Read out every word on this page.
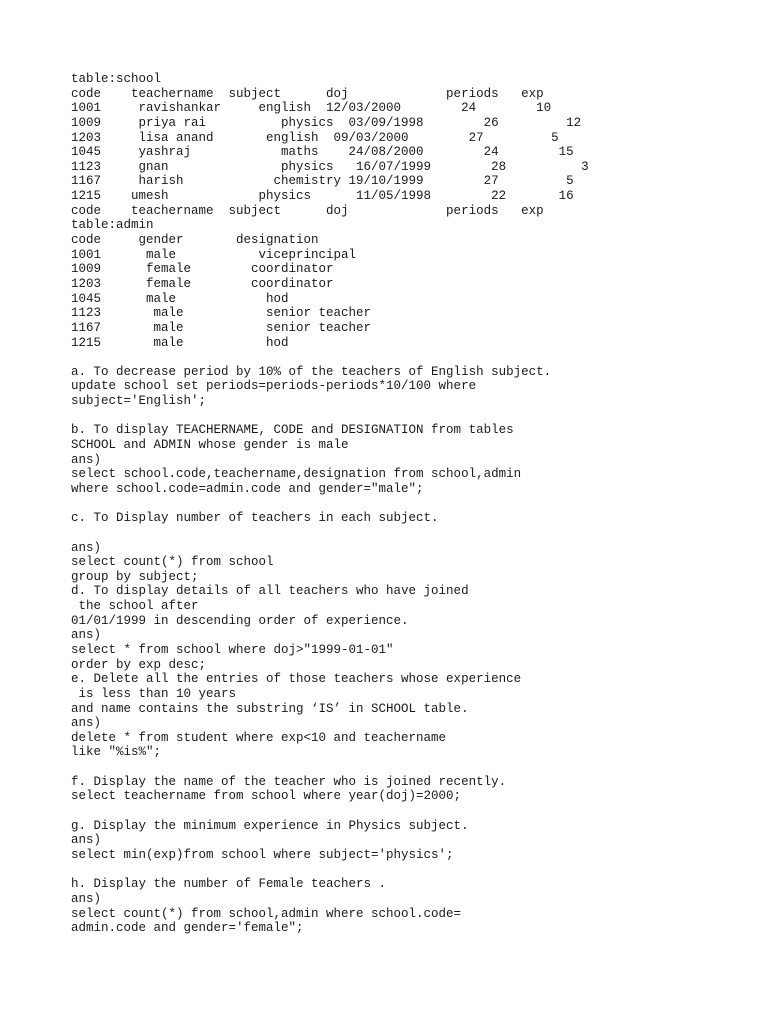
table:school
code    teachername  subject      doj             periods   exp
1001     ravishankar     english  12/03/2000        24        10
1009     priya rai          physics  03/09/1998        26         12
1203     lisa anand       english  09/03/2000        27         5
1045     yashraj            maths    24/08/2000        24        15
1123     gnan               physics   16/07/1999        28          3
1167     harish            chemistry 19/10/1999        27         5
1215    umesh            physics      11/05/1998        22       16
code    teachername  subject      doj             periods   exp
table:admin
code     gender       designation
1001      male           viceprincipal
1009      female        coordinator
1203      female        coordinator
1045      male            hod
1123       male           senior teacher
1167       male           senior teacher
1215       male           hod
a. To decrease period by 10% of the teachers of English subject.
update school set periods=periods-periods*10/100 where
subject='English';
b. To display TEACHERNAME, CODE and DESIGNATION from tables
SCHOOL and ADMIN whose gender is male
ans)
select school.code,teachername,designation from school,admin
where school.code=admin.code and gender="male";
c. To Display number of teachers in each subject.
ans)
select count(*) from school
group by subject;
d. To display details of all teachers who have joined
the school after
01/01/1999 in descending order of experience.
ans)
select * from school where doj>"1999-01-01"
order by exp desc;
e. Delete all the entries of those teachers whose experience
is less than 10 years
and name contains the substring ‘IS’ in SCHOOL table.
ans)
delete * from student where exp<10 and teachername
like "%is%";
f. Display the name of the teacher who is joined recently.
select teachername from school where year(doj)=2000;
g. Display the minimum experience in Physics subject.
ans)
select min(exp)from school where subject='physics';
h. Display the number of Female teachers .
ans)
select count(*) from school,admin where school.code=
admin.code and gender='female";
